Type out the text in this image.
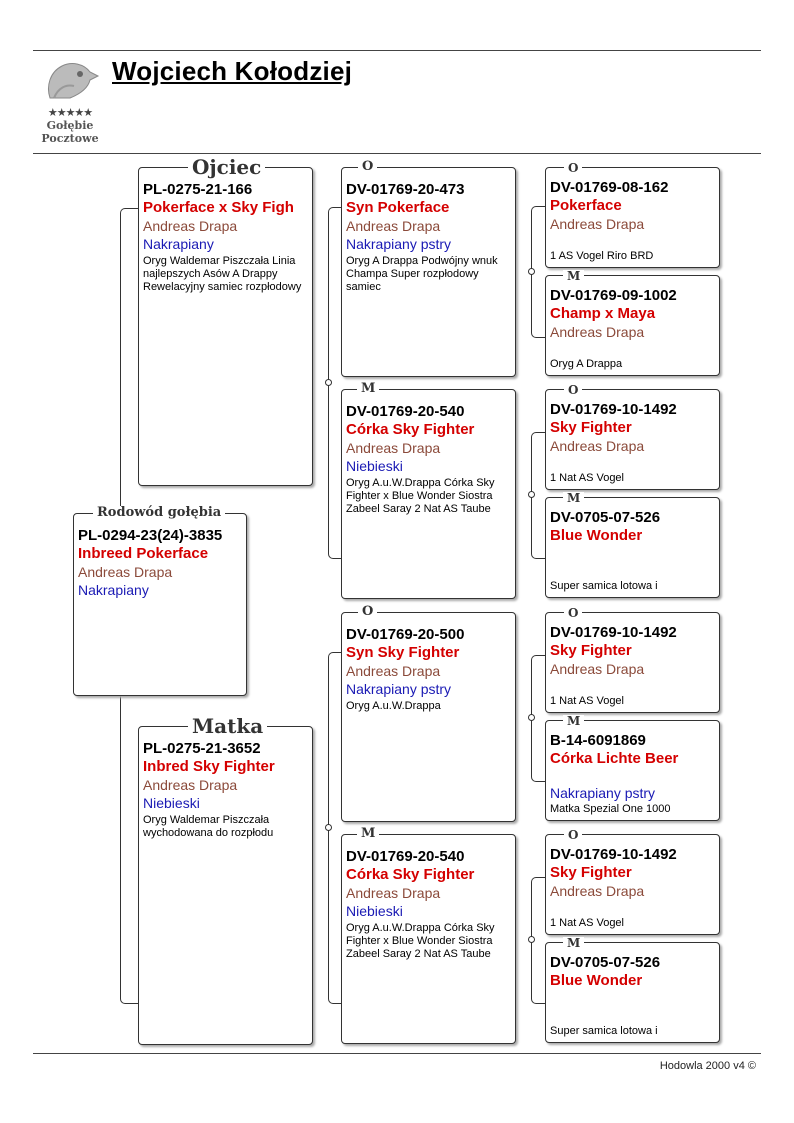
★★★★★
Gołębie
Pocztowe
Wojciech Kołodziej
PL-0294-23(24)-3835
Inbreed Pokerface
Andreas Drapa
Nakrapiany
Rodowód gołębia
PL-0275-21-166
Pokerface x Sky Figh
Andreas Drapa
Nakrapiany
Oryg Waldemar Piszczała Linia najlepszych Asów A Drappy Rewelacyjny samiec rozpłodowy
Ojciec
PL-0275-21-3652
Inbred Sky Fighter
Andreas Drapa
Niebieski
Oryg Waldemar Piszczała wychodowana do rozpłodu
Matka
DV-01769-20-473
Syn Pokerface
Andreas Drapa
Nakrapiany pstry
Oryg A Drappa Podwójny wnuk Champa Super rozpłodowy samiec
O
DV-01769-20-540
Córka Sky Fighter
Andreas Drapa
Niebieski
Oryg A.u.W.Drappa Córka Sky Fighter x Blue Wonder Siostra Zabeel Saray 2 Nat AS Taube
M
DV-01769-20-500
Syn Sky Fighter
Andreas Drapa
Nakrapiany pstry
Oryg A.u.W.Drappa
O
DV-01769-20-540
Córka Sky Fighter
Andreas Drapa
Niebieski
Oryg A.u.W.Drappa Córka Sky Fighter x Blue Wonder Siostra Zabeel Saray 2 Nat AS Taube
M
DV-01769-08-162
Pokerface
Andreas Drapa
1 AS Vogel Riro BRD
O
DV-01769-09-1002
Champ x Maya
Andreas Drapa
Oryg A Drappa
M
DV-01769-10-1492
Sky Fighter
Andreas Drapa
1 Nat AS Vogel
O
DV-0705-07-526
Blue Wonder
Super samica lotowa i
M
DV-01769-10-1492
Sky Fighter
Andreas Drapa
1 Nat AS Vogel
O
B-14-6091869
Córka Lichte Beer
Nakrapiany pstry
Matka Spezial One 1000
M
DV-01769-10-1492
Sky Fighter
Andreas Drapa
1 Nat AS Vogel
O
DV-0705-07-526
Blue Wonder
Super samica lotowa i
M
Hodowla 2000 v4 ©
